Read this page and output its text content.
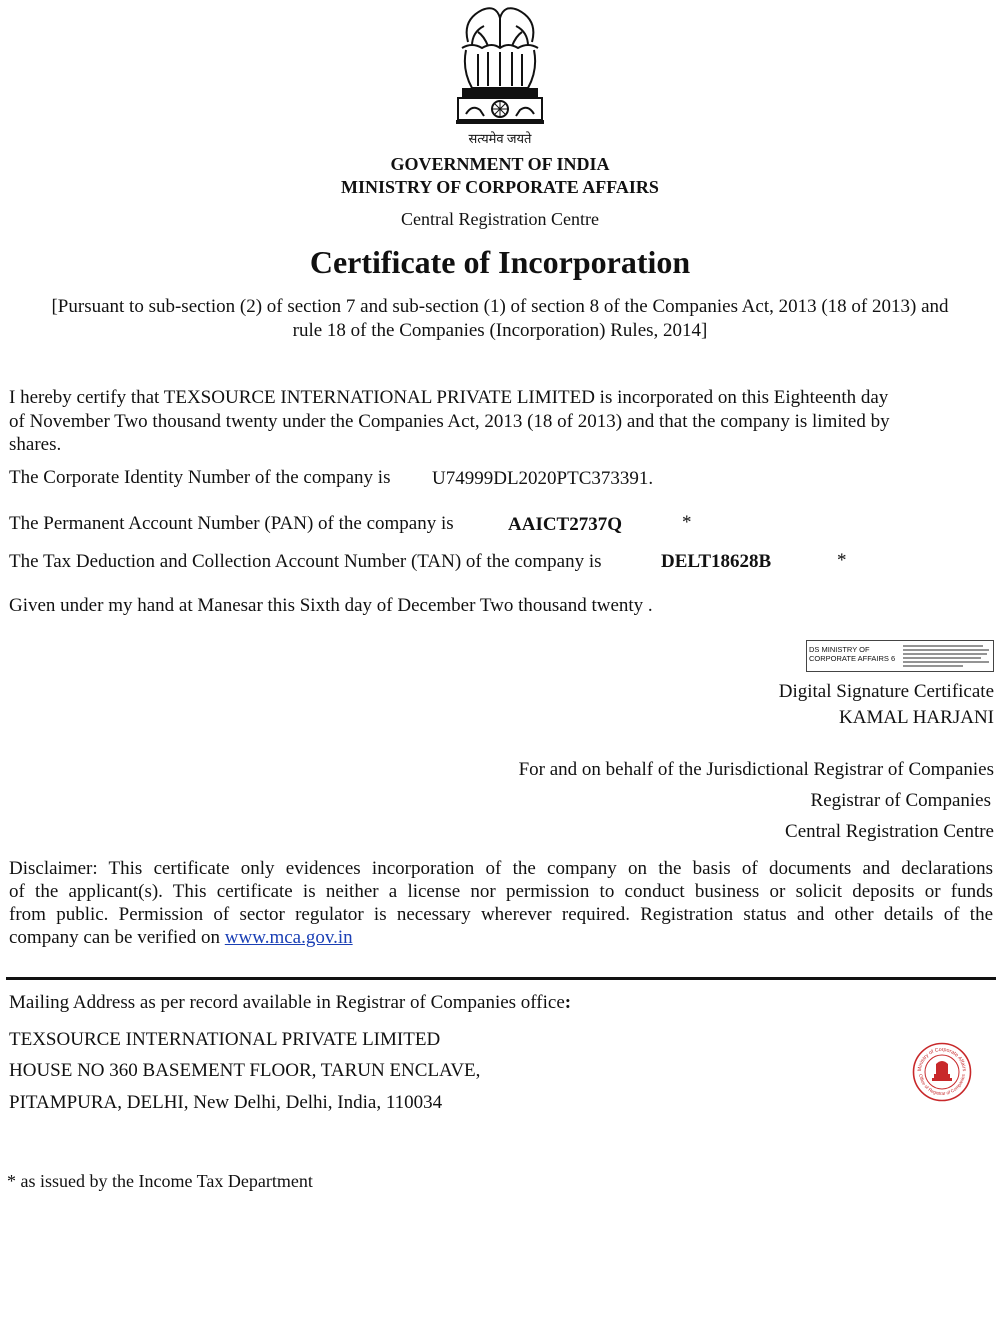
सत्यमेव जयते
GOVERNMENT OF INDIA
MINISTRY OF CORPORATE AFFAIRS
Central Registration Centre
Certificate of Incorporation
[Pursuant to sub-section (2) of section 7 and sub-section (1) of section 8 of the Companies Act, 2013 (18 of 2013) and
rule 18 of the Companies (Incorporation) Rules, 2014]
I hereby certify that TEXSOURCE INTERNATIONAL PRIVATE LIMITED is incorporated on this Eighteenth day
of November Two thousand twenty under the Companies Act, 2013 (18 of 2013) and that the company is limited by
shares.
The Corporate Identity Number of the company is U74999DL2020PTC373391.
The Permanent Account Number (PAN) of the company is	AAICT2737Q	*
The Tax Deduction and Collection Account Number (TAN) of the company is	DELT18628B	*
Given under my hand at Manesar this Sixth day of December Two thousand twenty .
DS MINISTRY OF
CORPORATE AFFAIRS 6
Digital Signature Certificate
KAMAL HARJANI
For and on behalf of the Jurisdictional Registrar of Companies
Registrar of Companies
Central Registration Centre
Disclaimer: This certificate only evidences incorporation of the company on the basis of documents and declarations
of the applicant(s). This certificate is neither a license nor permission to conduct business or solicit deposits or funds
from public. Permission of sector regulator is necessary wherever required. Registration status and other details of the
company can be verified on www.mca.gov.in
Mailing Address as per record available in Registrar of Companies office:
TEXSOURCE INTERNATIONAL PRIVATE LIMITED
HOUSE NO 360 BASEMENT FLOOR, TARUN ENCLAVE,
PITAMPURA, DELHI, New Delhi, Delhi, India, 110034
Ministry of Corporate Affairs
Office of Registrar of Companies
* as issued by the Income Tax Department
